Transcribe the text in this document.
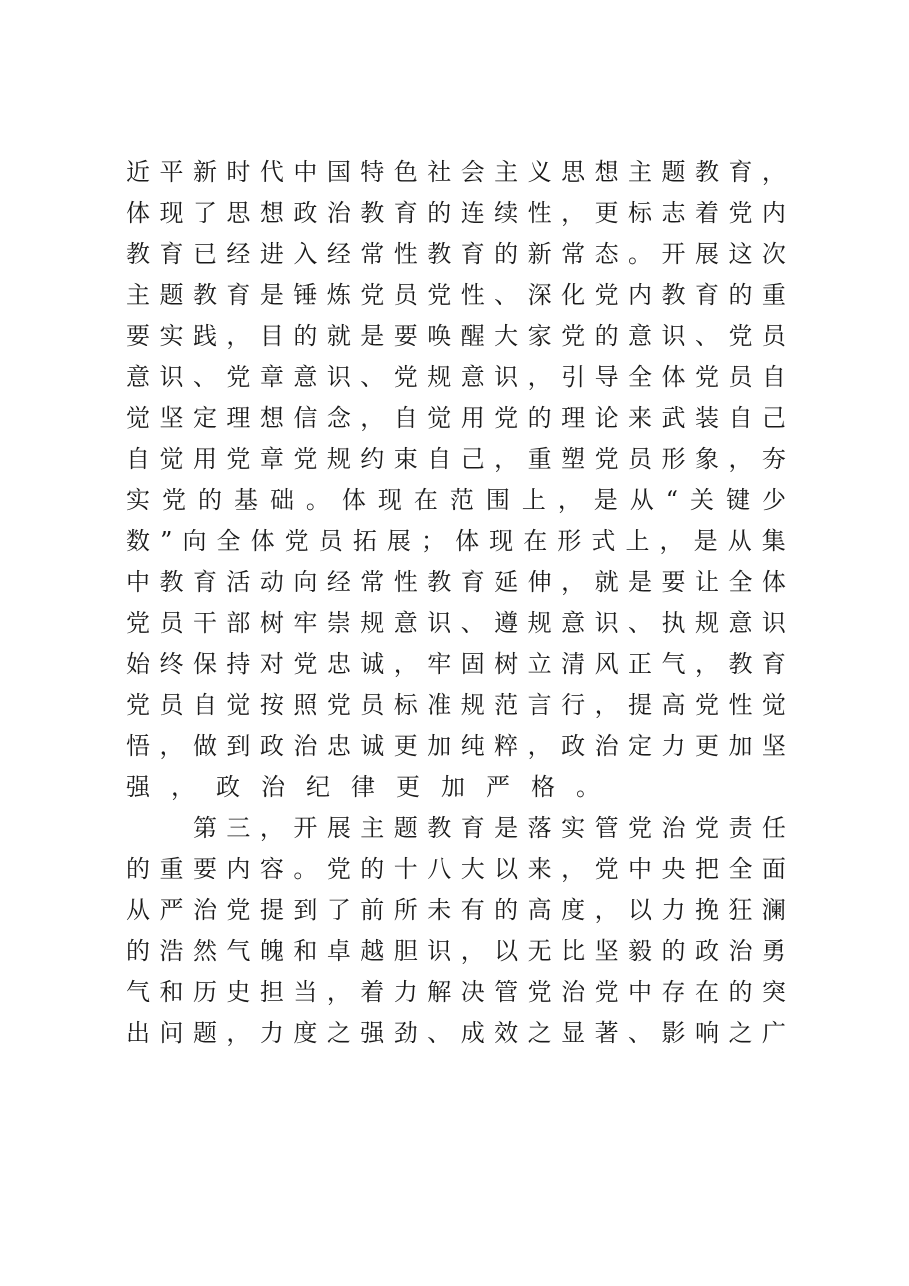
近 平 新 时 代 中 国 特 色 社 会 主 义 思 想 主 题 教 育 ，
体 现 了 思 想 政 治 教 育 的 连 续 性 ， 更 标 志 着 党 内
教 育 已 经 进 入 经 常 性 教 育 的 新 常 态 。 开 展 这 次
主 题 教 育 是 锤 炼 党 员 党 性 、 深 化 党 内 教 育 的 重
要 实 践 ， 目 的 就 是 要 唤 醒 大 家 党 的 意 识 、 党 员
意 识 、 党 章 意 识 、 党 规 意 识 ， 引 导 全 体 党 员 自
觉 坚 定 理 想 信 念 ， 自 觉 用 党 的 理 论 来 武 装 自 己
自 觉 用 党 章 党 规 约 束 自 己 ， 重 塑 党 员 形 象 ， 夯
实 党 的 基 础 。 体 现 在 范 围 上 ， 是 从 “ 关 键 少
数 ” 向 全 体 党 员 拓 展 ； 体 现 在 形 式 上 ， 是 从 集
中 教 育 活 动 向 经 常 性 教 育 延 伸 ， 就 是 要 让 全 体
党 员 干 部 树 牢 崇 规 意 识 、 遵 规 意 识 、 执 规 意 识
始 终 保 持 对 党 忠 诚 ， 牢 固 树 立 清 风 正 气 ， 教 育
党 员 自 觉 按 照 党 员 标 准 规 范 言 行 ， 提 高 党 性 觉
悟 ， 做 到 政 治 忠 诚 更 加 纯 粹 ， 政 治 定 力 更 加 坚
强，政治纪律更加严格。

第 三 ， 开 展 主 题 教 育 是 落 实 管 党 治 党 责 任
的 重 要 内 容 。 党 的 十 八 大 以 来 ， 党 中 央 把 全 面
从 严 治 党 提 到 了 前 所 未 有 的 高 度 ， 以 力 挽 狂 澜
的 浩 然 气 魄 和 卓 越 胆 识 ， 以 无 比 坚 毅 的 政 治 勇
气 和 历 史 担 当 ， 着 力 解 决 管 党 治 党 中 存 在 的 突
出 问 题 ， 力 度 之 强 劲 、 成 效 之 显 著 、 影 响 之 广
